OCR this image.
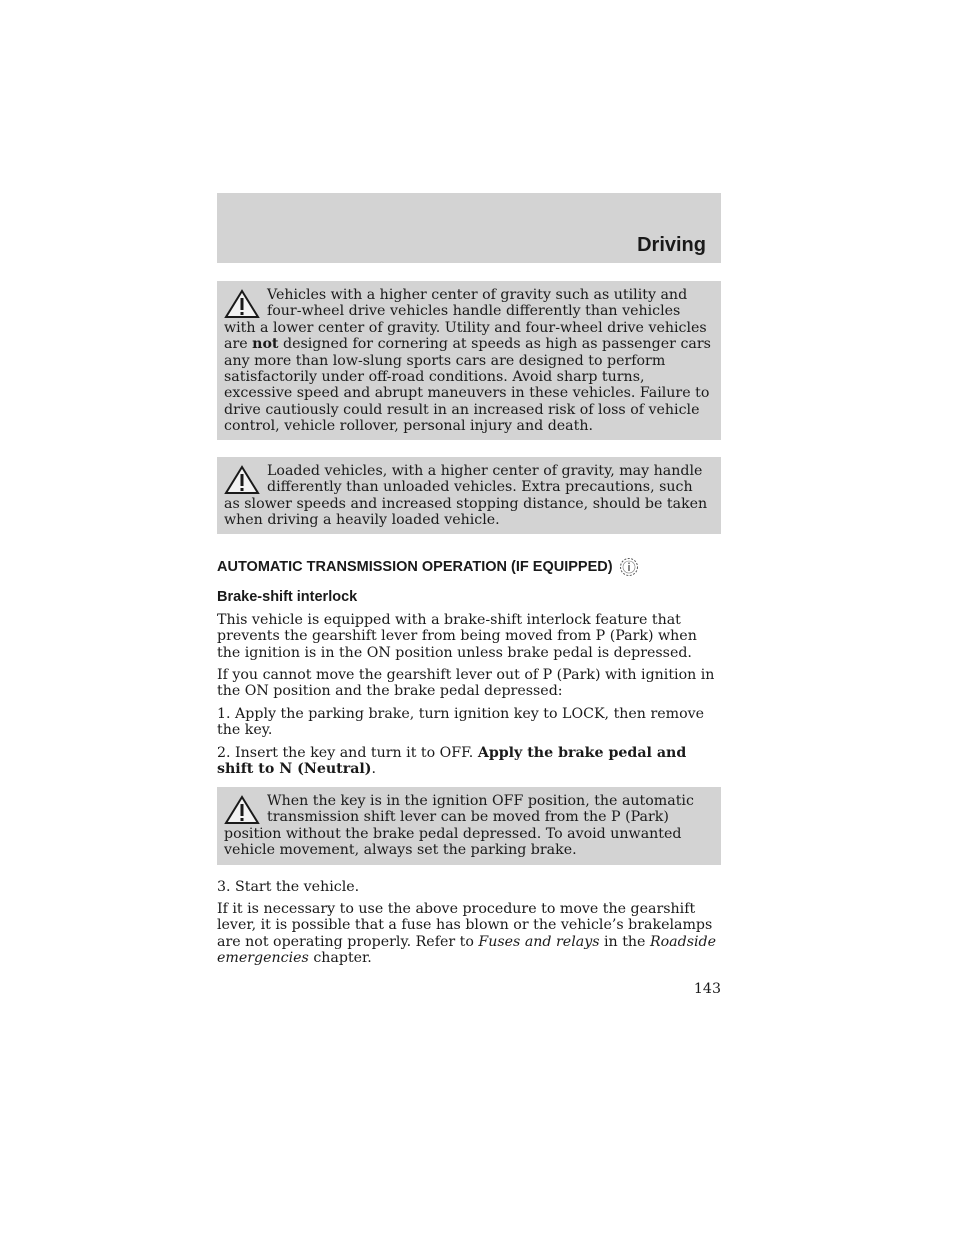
Driving

Vehicles with a higher center of gravity such as utility and four-wheel drive vehicles handle differently than vehicles with a lower center of gravity. Utility and four-wheel drive vehicles are not designed for cornering at speeds as high as passenger cars any more than low-slung sports cars are designed to perform satisfactorily under off-road conditions. Avoid sharp turns, excessive speed and abrupt maneuvers in these vehicles. Failure to drive cautiously could result in an increased risk of loss of vehicle control, vehicle rollover, personal injury and death.

Loaded vehicles, with a higher center of gravity, may handle differently than unloaded vehicles. Extra precautions, such as slower speeds and increased stopping distance, should be taken when driving a heavily loaded vehicle.

AUTOMATIC TRANSMISSION OPERATION (IF EQUIPPED)
Brake-shift interlock

This vehicle is equipped with a brake-shift interlock feature that prevents the gearshift lever from being moved from P (Park) when the ignition is in the ON position unless brake pedal is depressed.

If you cannot move the gearshift lever out of P (Park) with ignition in the ON position and the brake pedal depressed:

1. Apply the parking brake, turn ignition key to LOCK, then remove the key.

2. Insert the key and turn it to OFF. Apply the brake pedal and shift to N (Neutral).

When the key is in the ignition OFF position, the automatic transmission shift lever can be moved from the P (Park) position without the brake pedal depressed. To avoid unwanted vehicle movement, always set the parking brake.

3. Start the vehicle.

If it is necessary to use the above procedure to move the gearshift lever, it is possible that a fuse has blown or the vehicle’s brakelamps are not operating properly. Refer to Fuses and relays in the Roadside emergencies chapter.

143
